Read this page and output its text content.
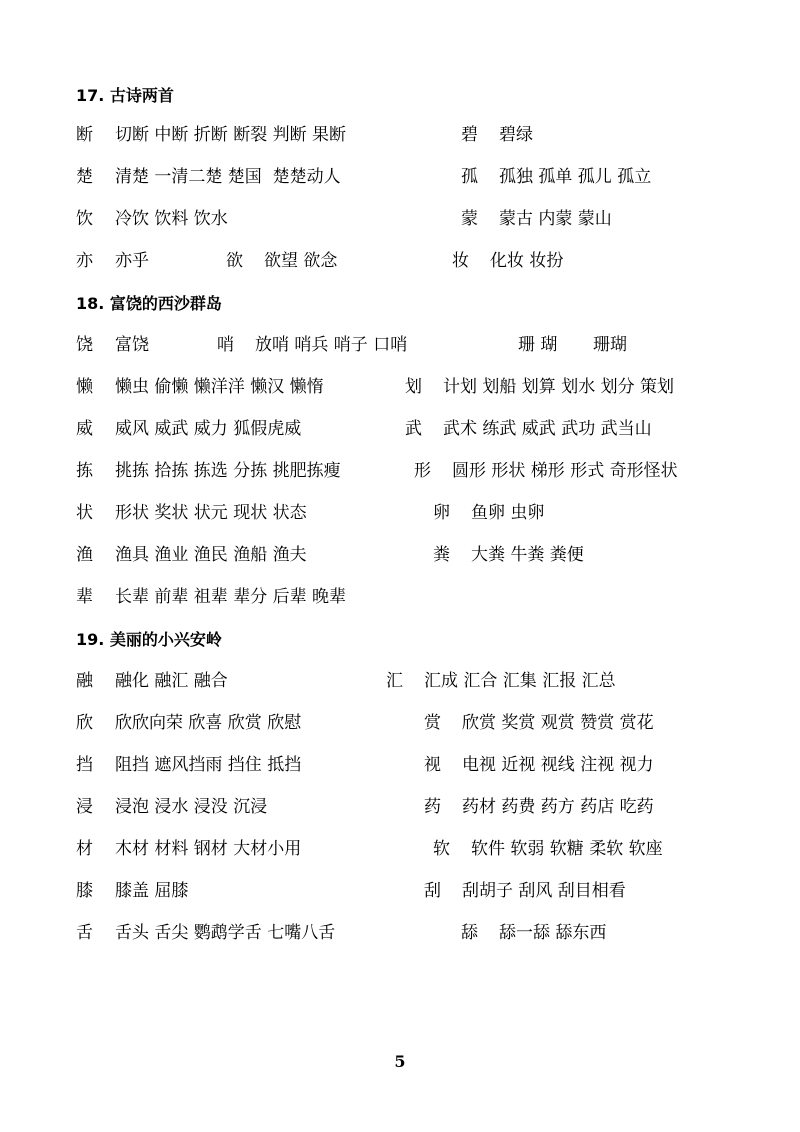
17. 古诗两首
断 切断 中断 折断 断裂 判断 果断	碧 碧绿
楚 清楚 一清二楚 楚国  楚楚动人	孤 孤独 孤单 孤儿 孤立
饮 冷饮 饮料 饮水	蒙 蒙古 内蒙 蒙山
亦 亦乎	欲 欲望 欲念	妆 化妆 妆扮
18. 富饶的西沙群岛
饶 富饶	哨 放哨 哨兵 哨子 口哨	珊 瑚 珊瑚
懒 懒虫 偷懒 懒洋洋 懒汉 懒惰	划 计划 划船 划算 划水 划分 策划
威 威风 威武 威力 狐假虎威	武 武术 练武 威武 武功 武当山
拣 挑拣 拾拣 拣选 分拣 挑肥拣瘦	形 圆形 形状 梯形 形式 奇形怪状
状 形状 奖状 状元 现状 状态	卵 鱼卵 虫卵
渔 渔具 渔业 渔民 渔船 渔夫	粪 大粪 牛粪 粪便
辈 长辈 前辈 祖辈 辈分 后辈 晚辈
19. 美丽的小兴安岭
融 融化 融汇 融合	汇 汇成 汇合 汇集 汇报 汇总
欣 欣欣向荣 欣喜 欣赏 欣慰	赏 欣赏 奖赏 观赏 赞赏 赏花
挡 阻挡 遮风挡雨 挡住 抵挡	视 电视 近视 视线 注视 视力
浸 浸泡 浸水 浸没 沉浸	药 药材 药费 药方 药店 吃药
材 木材 材料 钢材 大材小用	软 软件 软弱 软糖 柔软 软座
膝 膝盖 屈膝	刮 刮胡子 刮风 刮目相看
舌 舌头 舌尖 鹦鹉学舌 七嘴八舌	舔 舔一舔 舔东西
5
